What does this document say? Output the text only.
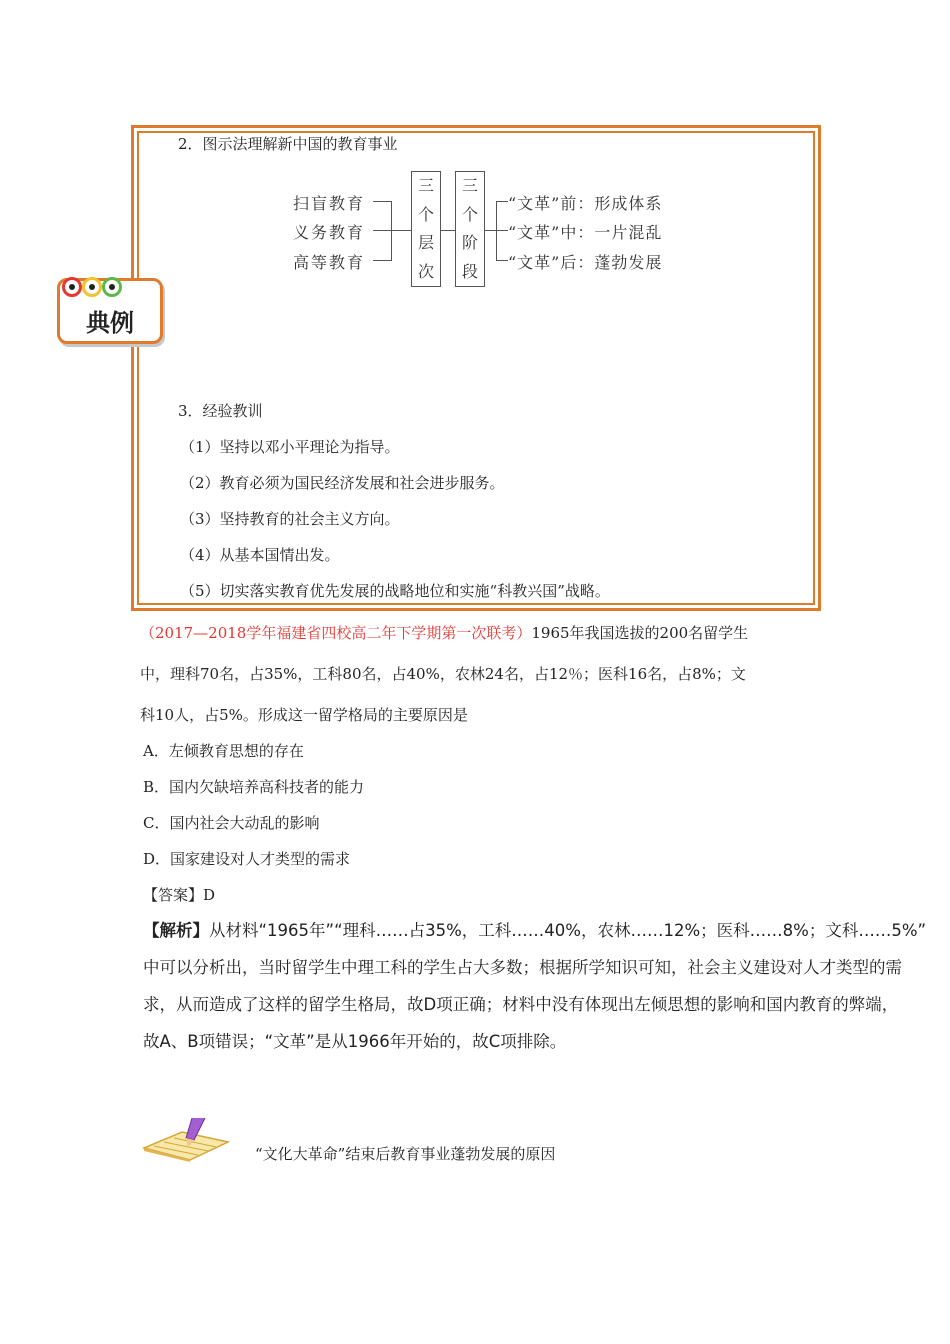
2．图示法理解新中国的教育事业
扫盲教育
义务教育
高等教育
三
个
层
次
三
个
阶
段
“文革”前：形成体系
“文革”中：一片混乱
“文革”后：蓬勃发展
典例
3．经验教训
（1）坚持以邓小平理论为指导。
（2）教育必须为国民经济发展和社会进步服务。
（3）坚持教育的社会主义方向。
（4）从基本国情出发。
（5）切实落实教育优先发展的战略地位和实施“科教兴国”战略。
（2017—2018学年福建省四校高二年下学期第一次联考）1965年我国选拔的200名留学生
中，理科70名，占35%，工科80名，占40%，农林24名，占12％；医科16名，占8%；文
科10人，占5%。形成这一留学格局的主要原因是
A．左倾教育思想的存在
B．国内欠缺培养高科技者的能力
C．国内社会大动乱的影响
D．国家建设对人才类型的需求
【答案】D
【解析】从材料“1965年”“理科……占35%，工科……40%，农林……12%；医科……8%；文科……5%”
中可以分析出，当时留学生中理工科的学生占大多数；根据所学知识可知，社会主义建设对人才类型的需
求，从而造成了这样的留学生格局，故D项正确；材料中没有体现出左倾思想的影响和国内教育的弊端，
故A、B项错误；“文革”是从1966年开始的，故C项排除。
“文化大革命”结束后教育事业蓬勃发展的原因
